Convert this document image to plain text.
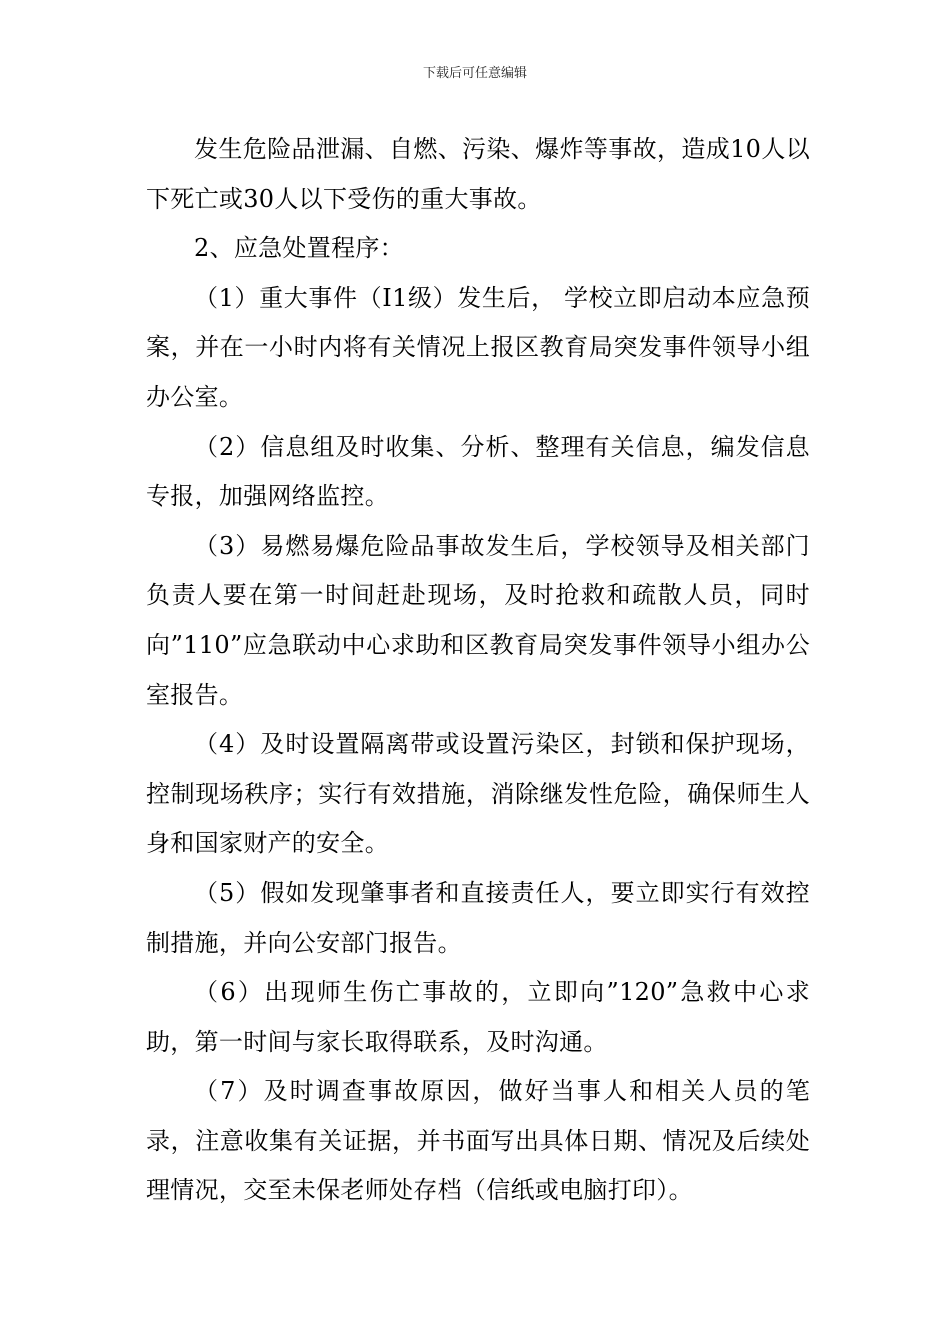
下载后可任意编辑

发生危险品泄漏、自燃、污染、爆炸等事故，造成10人以下死亡或30人以下受伤的重大事故。

2、应急处置程序：

（1）重大事件（I1级）发生后， 学校立即启动本应急预案，并在一小时内将有关情况上报区教育局突发事件领导小组办公室。

（2）信息组及时收集、分析、整理有关信息，编发信息专报，加强网络监控。

（3）易燃易爆危险品事故发生后，学校领导及相关部门负责人要在第一时间赶赴现场，及时抢救和疏散人员，同时向”110”应急联动中心求助和区教育局突发事件领导小组办公室报告。

（4）及时设置隔离带或设置污染区，封锁和保护现场，控制现场秩序；实行有效措施，消除继发性危险，确保师生人身和国家财产的安全。

（5）假如发现肇事者和直接责任人，要立即实行有效控制措施，并向公安部门报告。

（6）出现师生伤亡事故的，立即向”120”急救中心求助，第一时间与家长取得联系，及时沟通。

（7）及时调查事故原因，做好当事人和相关人员的笔录，注意收集有关证据，并书面写出具体日期、情况及后续处理情况，交至未保老师处存档（信纸或电脑打印）。
